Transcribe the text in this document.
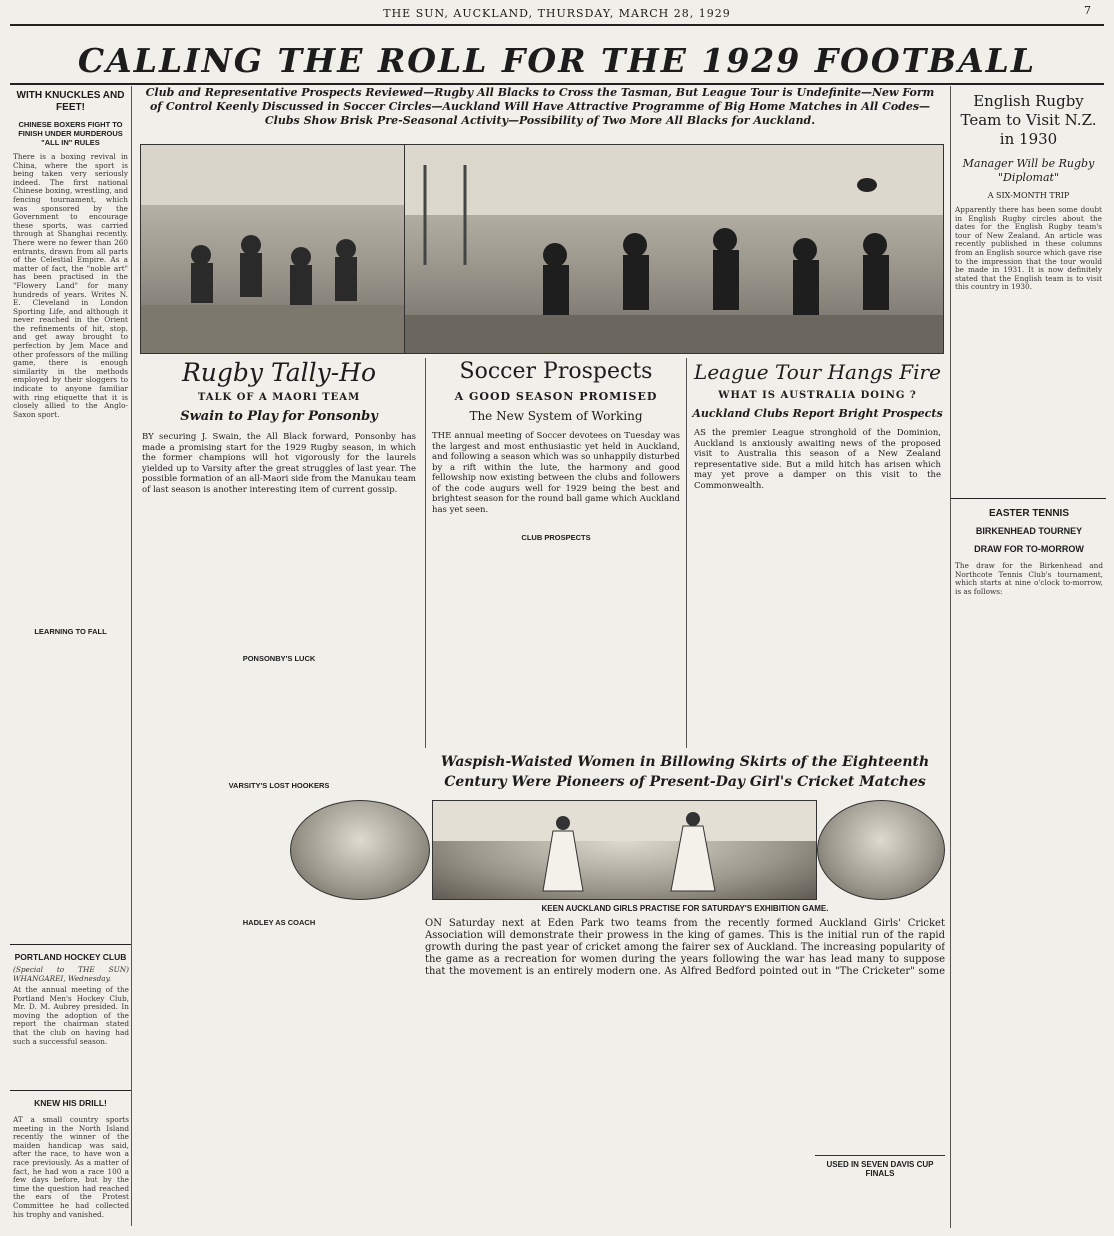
THE SUN, AUCKLAND, THURSDAY, MARCH 28, 1929	7
CALLING THE ROLL FOR THE 1929 FOOTBALL
WITH KNUCKLES AND FEET!
CHINESE BOXERS FIGHT TO FINISH UNDER MURDEROUS "ALL IN" RULES
There is a boxing revival in China, where the sport is being taken very seriously indeed. The first national Chinese boxing, wrestling, and fencing tournament, which was sponsored by the Government to encourage these sports, was carried through at Shanghai recently. There were no fewer than 260 entrants, drawn from all parts of the Celestial Empire. As a matter of fact, the "noble art" has been practised in the "Flowery Land" for many hundreds of years. Writes N. E. Cleveland in London Sporting Life, and although it never reached in the Orient the refinements of hit, stop, and get away brought to perfection by Jem Mace and other professors of the milling game, there is enough similarity in the methods employed by their sloggers to indicate to anyone familiar with ring etiquette that it is closely allied to the Anglo-Saxon sport.
LEARNING TO FALL
PORTLAND HOCKEY CLUB
(Special to THE SUN) WHANGAREI, Wednesday.
At the annual meeting of the Portland Men's Hockey Club, Mr. D. M. Aubrey presided. In moving the adoption of the report the chairman stated that the club on having had such a successful season.
KNEW HIS DRILL!
AT a small country sports meeting in the North Island recently the winner of the maiden handicap was said, after the race, to have won a race previously. As a matter of fact, he had won a race 100 a few days before, but by the time the question had reached the ears of the Protest Committee he had collected his trophy and vanished.
Club and Representative Prospects Reviewed—Rugby All Blacks to Cross the Tasman, But League Tour is Undefinite—New Form of Control Keenly Discussed in Soccer Circles—Auckland Will Have Attractive Programme of Big Home Matches in All Codes—Clubs Show Brisk Pre-Seasonal Activity—Possibility of Two More All Blacks for Auckland.
Rugby Tally-Ho
TALK OF A MAORI TEAM
Swain to Play for Ponsonby
BY securing J. Swain, the All Black forward, Ponsonby has made a promising start for the 1929 Rugby season, in which the former champions will hot vigorously for the laurels yielded up to Varsity after the great struggles of last year. The possible formation of an all-Maori side from the Manukau team of last season is another interesting item of current gossip.
PONSONBY'S LUCK
VARSITY'S LOST HOOKERS
HADLEY AS COACH
Soccer Prospects
A GOOD SEASON PROMISED
The New System of Working
THE annual meeting of Soccer devotees on Tuesday was the largest and most enthusiastic yet held in Auckland, and following a season which was so unhappily disturbed by a rift within the lute, the harmony and good fellowship now existing between the clubs and followers of the code augurs well for 1929 being the best and brightest season for the round ball game which Auckland has yet seen.
CLUB PROSPECTS
League Tour Hangs Fire
WHAT IS AUSTRALIA DOING ?
Auckland Clubs Report Bright Prospects
AS the premier League stronghold of the Dominion, Auckland is anxiously awaiting news of the proposed visit to Australia this season of a New Zealand representative side. But a mild hitch has arisen which may yet prove a damper on this visit to the Commonwealth.
Waspish-Waisted Women in Billowing Skirts of the Eighteenth Century Were Pioneers of Present-Day Girl's Cricket Matches
KEEN AUCKLAND GIRLS PRACTISE FOR SATURDAY'S EXHIBITION GAME.
ON Saturday next at Eden Park two teams from the recently formed Auckland Girls' Cricket Association will demonstrate their prowess in the king of games. This is the initial run of the rapid growth during the past year of cricket among the fairer sex of Auckland. The increasing popularity of the game as a recreation for women during the years following the war has lead many to suppose that the movement is an entirely modern one. As Alfred Bedford pointed out in "The Cricketer" some
USED IN SEVEN DAVIS CUP FINALS
English Rugby Team to Visit N.Z. in 1930
Manager Will be Rugby "Diplomat"
A SIX-MONTH TRIP
Apparently there has been some doubt in English Rugby circles about the dates for the English Rugby team's tour of New Zealand. An article was recently published in these columns from an English source which gave rise to the impression that the tour would be made in 1931. It is now definitely stated that the English team is to visit this country in 1930.
EASTER TENNIS
BIRKENHEAD TOURNEY
DRAW FOR TO-MORROW
The draw for the Birkenhead and Northcote Tennis Club's tournament, which starts at nine o'clock to-morrow, is as follows:
